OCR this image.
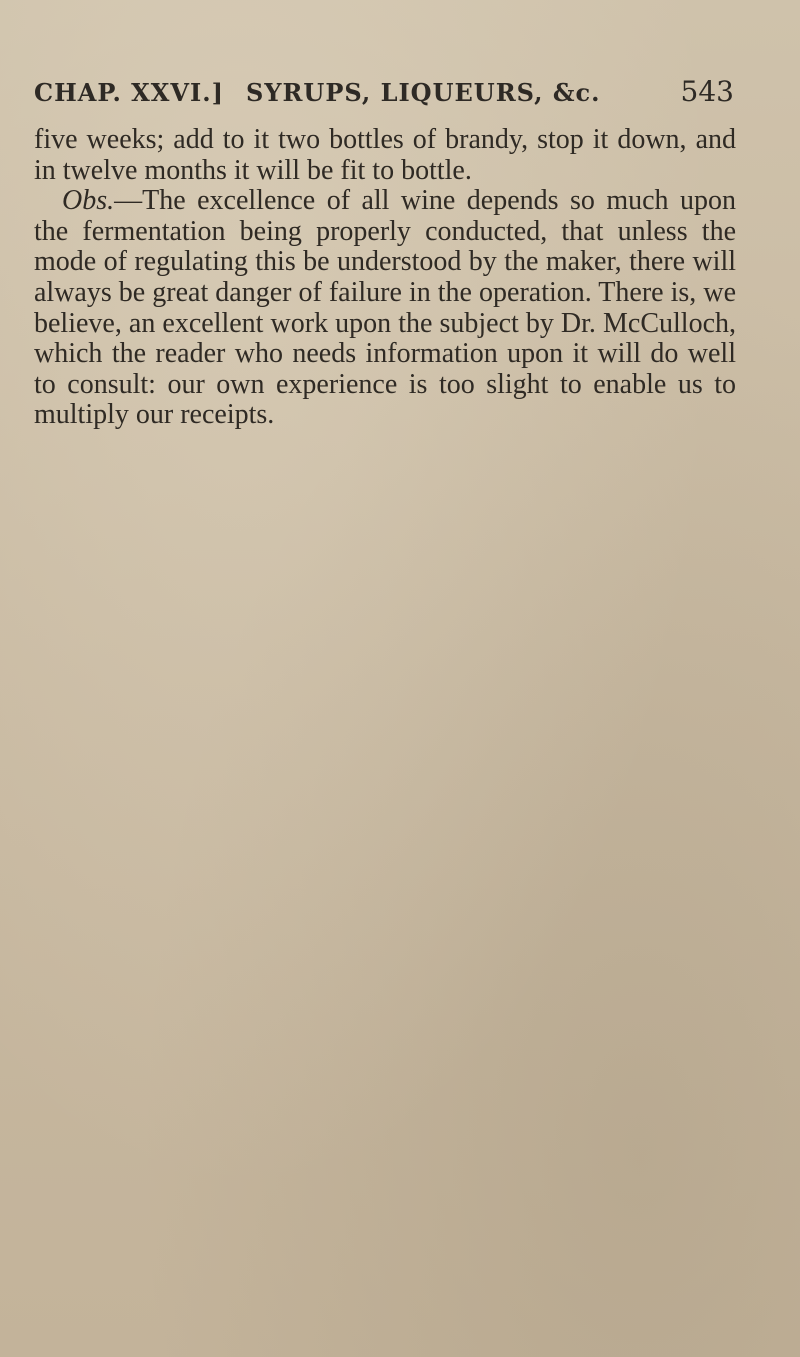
CHAP. XXVI.] SYRUPS, LIQUEURS, &c.	543

five weeks; add to it two bottles of brandy, stop it down, and in twelve months it will be fit to bottle.

Obs.—The excellence of all wine depends so much upon the fermentation being properly conducted, that unless the mode of regulating this be understood by the maker, there will always be great danger of failure in the operation. There is, we believe, an excellent work upon the subject by Dr. McCulloch, which the reader who needs information upon it will do well to consult: our own experience is too slight to enable us to multiply our receipts.
